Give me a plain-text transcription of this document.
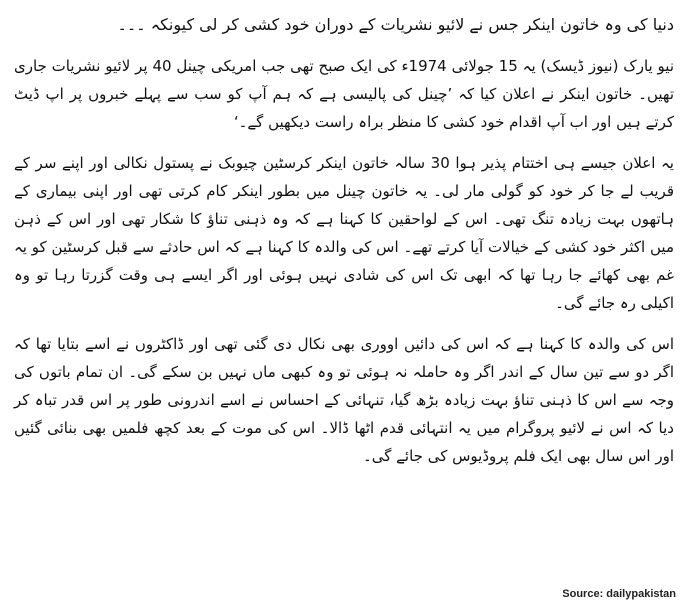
دنیا کی وہ خاتون اینکر جس نے لائیو نشریات کے دوران خود کشی کر لی کیونکہ ۔۔۔

نیو یارک (نیوز ڈیسک) یہ 15 جولائی 1974ء کی ایک صبح تھی جب امریکی چینل 40 پر لائیو نشریات جاری تھیں۔ خاتون اینکر نے اعلان کیا کہ ’چینل کی پالیسی ہے کہ ہم آپ کو سب سے پہلے خبروں پر اپ ڈیٹ کرتے ہیں اور اب آپ اقدام خود کشی کا منظر براہ راست دیکھیں گے۔‘

یہ اعلان جیسے ہی اختتام پذیر ہوا 30 سالہ خاتون اینکر کرسٹین چیوبک نے پستول نکالی اور اپنے سر کے قریب لے جا کر خود کو گولی مار لی۔ یہ خاتون چینل میں بطور اینکر کام کرتی تھی اور اپنی بیماری کے ہاتھوں بہت زیادہ تنگ تھی۔ اس کے لواحقین کا کہنا ہے کہ وہ ذہنی تناؤ کا شکار تھی اور اس کے ذہن میں اکثر خود کشی کے خیالات آیا کرتے تھے۔ اس کی والدہ کا کہنا ہے کہ اس حادثے سے قبل کرسٹین کو یہ غم بھی کھائے جا رہا تھا کہ ابھی تک اس کی شادی نہیں ہوئی اور اگر ایسے ہی وقت گزرتا رہا تو وہ اکیلی رہ جائے گی۔

اس کی والدہ کا کہنا ہے کہ اس کی دائیں اووری بھی نکال دی گئی تھی اور ڈاکٹروں نے اسے بتایا تھا کہ اگر دو سے تین سال کے اندر اگر وہ حاملہ نہ ہوئی تو وہ کبھی ماں نہیں بن سکے گی۔ ان تمام باتوں کی وجہ سے اس کا ذہنی تناؤ بہت زیادہ بڑھ گیا، تنہائی کے احساس نے اسے اندرونی طور پر اس قدر تباہ کر دیا کہ اس نے لائیو پروگرام میں یہ انتہائی قدم اٹھا ڈالا۔ اس کی موت کے بعد کچھ فلمیں بھی بنائی گئیں اور اس سال بھی ایک فلم پروڈیوس کی جائے گی۔

Source: dailypakistan
